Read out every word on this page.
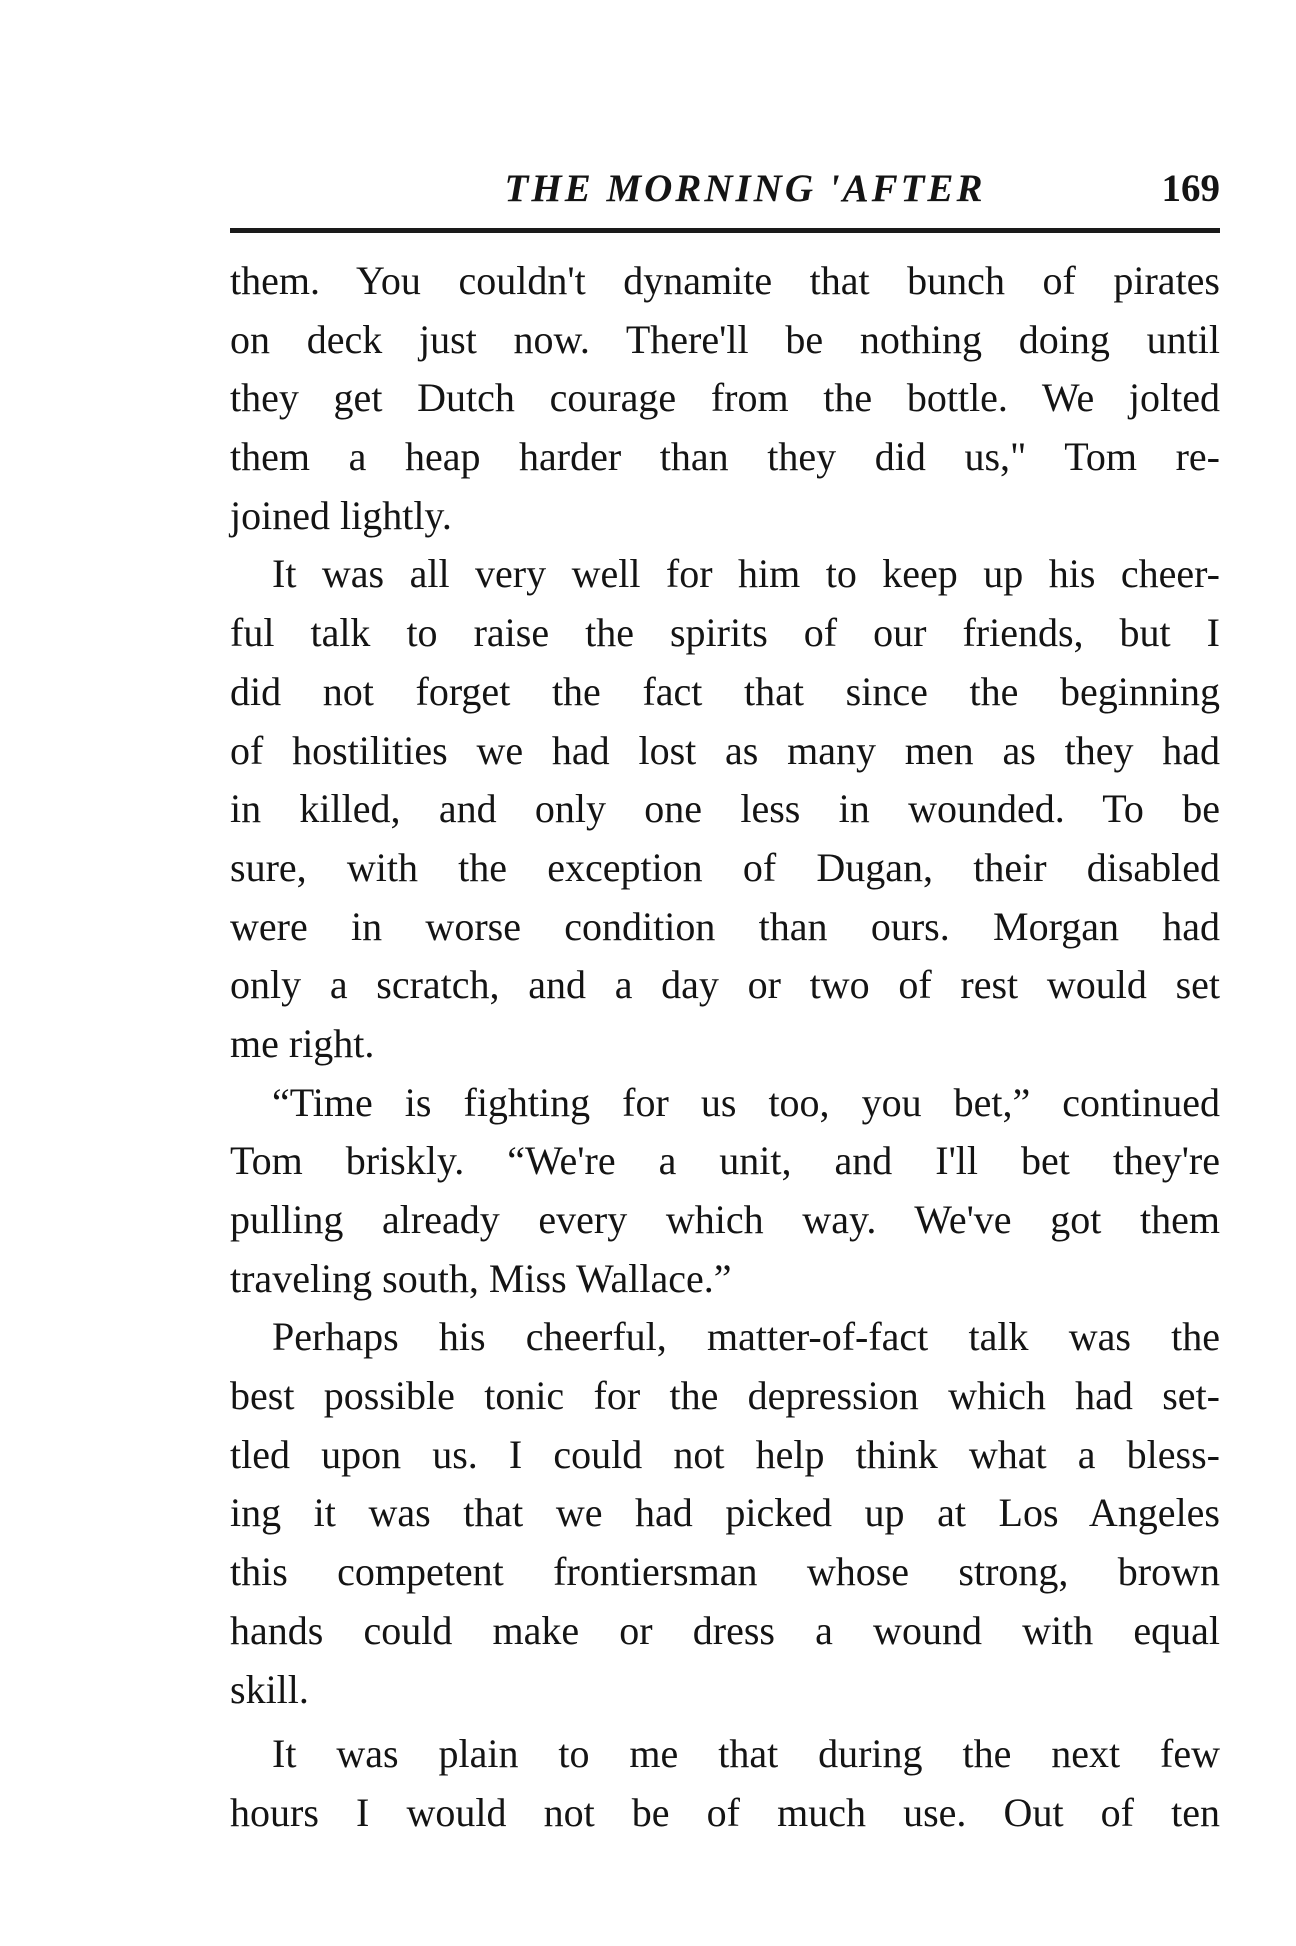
THE MORNING 'AFTER	169

them. You couldn't dynamite that bunch of pirates
on deck just now. There'll be nothing doing until
they get Dutch courage from the bottle. We jolted
them a heap harder than they did us," Tom re-
joined lightly.

It was all very well for him to keep up his cheer-
ful talk to raise the spirits of our friends, but I
did not forget the fact that since the beginning
of hostilities we had lost as many men as they had
in killed, and only one less in wounded. To be
sure, with the exception of Dugan, their disabled
were in worse condition than ours. Morgan had
only a scratch, and a day or two of rest would set
me right.

“Time is fighting for us too, you bet,” continued
Tom briskly. “We're a unit, and I'll bet they're
pulling already every which way. We've got them
traveling south, Miss Wallace.”

Perhaps his cheerful, matter-of-fact talk was the
best possible tonic for the depression which had set-
tled upon us. I could not help think what a bless-
ing it was that we had picked up at Los Angeles
this competent frontiersman whose strong, brown
hands could make or dress a wound with equal
skill.

It was plain to me that during the next few
hours I would not be of much use. Out of ten
